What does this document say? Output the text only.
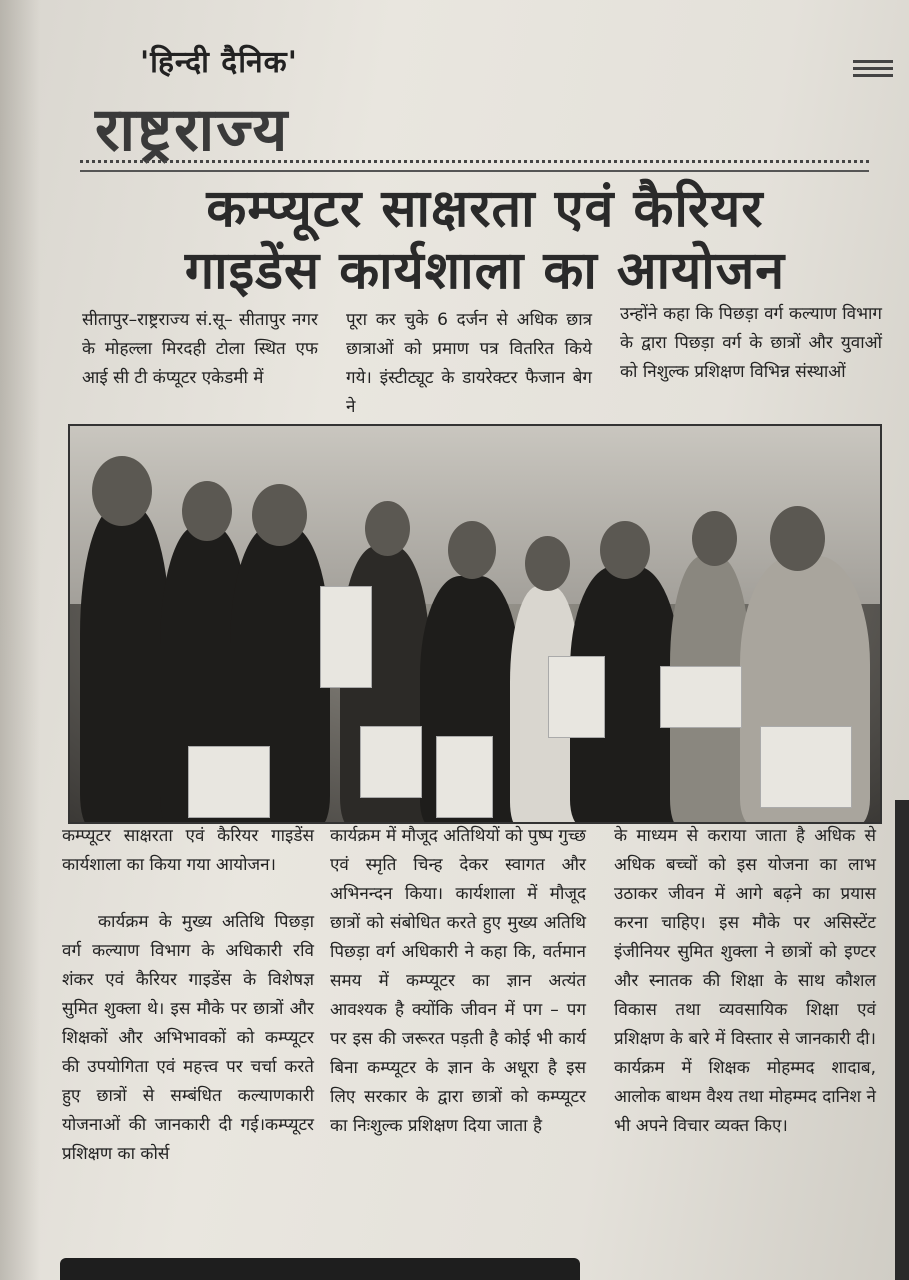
'हिन्दी दैनिक'
राष्ट्रराज्य
कम्प्यूटर साक्षरता एवं कैरियर
गाइडेंस कार्यशाला का आयोजन
सीतापुर–राष्ट्रराज्य सं.सू– सीतापुर नगर के मोहल्ला मिरदही टोला स्थित एफ आई सी टी कंप्यूटर एकेडमी में
पूरा कर चुके 6 दर्जन से अधिक छात्र छात्राओं को प्रमाण पत्र वितरित किये गये। इंस्टीट्यूट के डायरेक्टर फैजान बेग ने
उन्होंने कहा कि पिछड़ा वर्ग कल्याण विभाग के द्वारा पिछड़ा वर्ग के छात्रों और युवाओं को निशुल्क प्रशिक्षण विभिन्न संस्थाओं
कम्प्यूटर साक्षरता एवं कैरियर गाइडेंस कार्यशाला का किया गया आयोजन।
कार्यक्रम के मुख्य अतिथि पिछड़ा वर्ग कल्याण विभाग के अधिकारी रवि शंकर एवं कैरियर गाइडेंस के विशेषज्ञ सुमित शुक्ला थे। इस मौके पर छात्रों और शिक्षकों और अभिभावकों को कम्प्यूटर की उपयोगिता एवं महत्त्व पर चर्चा करते हुए छात्रों से सम्बंधित कल्याणकारी योजनाओं की जानकारी दी गई।कम्प्यूटर प्रशिक्षण का कोर्स
कार्यक्रम में मौजूद अतिथियों को पुष्प गुच्छ एवं स्मृति चिन्ह देकर स्वागत और अभिनन्दन किया। कार्यशाला में मौजूद छात्रों को संबोधित करते हुए मुख्य अतिथि पिछड़ा वर्ग अधिकारी ने कहा कि, वर्तमान समय में कम्प्यूटर का ज्ञान अत्यंत आवश्यक है क्योंकि जीवन में पग – पग पर इस की जरूरत पड़ती है कोई भी कार्य बिना कम्प्यूटर के ज्ञान के अधूरा है इस लिए सरकार के द्वारा छात्रों को कम्प्यूटर का निःशुल्क प्रशिक्षण दिया जाता है
के माध्यम से कराया जाता है अधिक से अधिक बच्चों को इस योजना का लाभ उठाकर जीवन में आगे बढ़ने का प्रयास करना चाहिए। इस मौके पर असिस्टेंट इंजीनियर सुमित शुक्ला ने छात्रों को इण्टर और स्नातक की शिक्षा के साथ कौशल विकास तथा व्यवसायिक शिक्षा एवं प्रशिक्षण के बारे में विस्तार से जानकारी दी। कार्यक्रम में शिक्षक मोहम्मद शादाब, आलोक बाथम वैश्य तथा मोहम्मद दानिश ने भी अपने विचार व्यक्त किए।
